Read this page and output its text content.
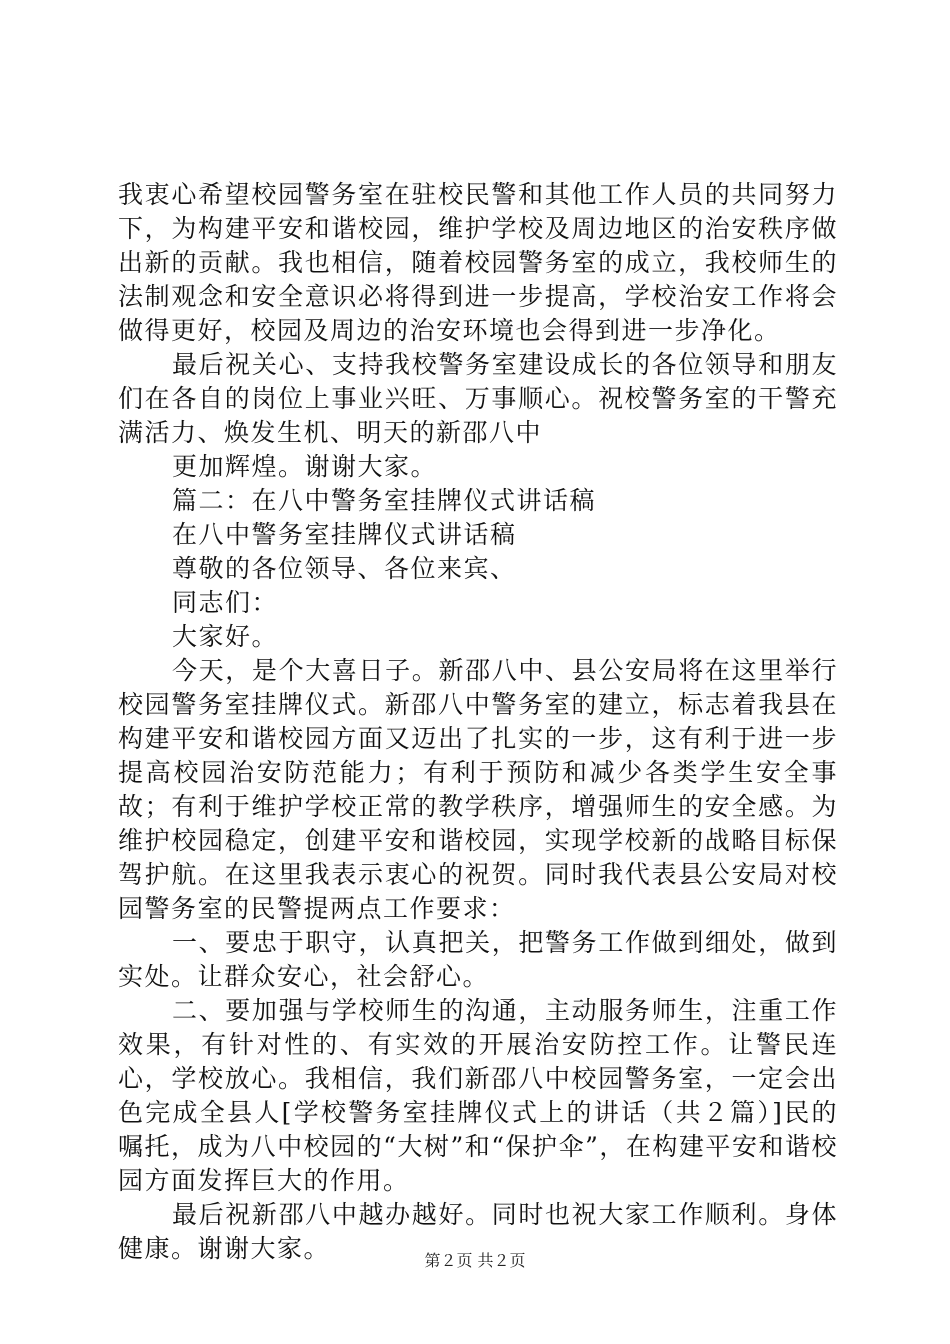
我衷心希望校园警务室在驻校民警和其他工作人员的共同努力下，为构建平安和谐校园，维护学校及周边地区的治安秩序做出新的贡献。我也相信，随着校园警务室的成立，我校师生的法制观念和安全意识必将得到进一步提高，学校治安工作将会做得更好，校园及周边的治安环境也会得到进一步净化。

最后祝关心、支持我校警务室建设成长的各位领导和朋友们在各自的岗位上事业兴旺、万事顺心。祝校警务室的干警充满活力、焕发生机、明天的新邵八中

更加辉煌。谢谢大家。

篇二：在八中警务室挂牌仪式讲话稿

在八中警务室挂牌仪式讲话稿

尊敬的各位领导、各位来宾、

同志们：

大家好。

今天，是个大喜日子。新邵八中、县公安局将在这里举行校园警务室挂牌仪式。新邵八中警务室的建立，标志着我县在构建平安和谐校园方面又迈出了扎实的一步，这有利于进一步提高校园治安防范能力；有利于预防和减少各类学生安全事故；有利于维护学校正常的教学秩序，增强师生的安全感。为维护校园稳定，创建平安和谐校园，实现学校新的战略目标保驾护航。在这里我表示衷心的祝贺。同时我代表县公安局对校园警务室的民警提两点工作要求：

一、要忠于职守，认真把关，把警务工作做到细处，做到实处。让群众安心，社会舒心。

二、要加强与学校师生的沟通，主动服务师生，注重工作效果，有针对性的、有实效的开展治安防控工作。让警民连心，学校放心。我相信，我们新邵八中校园警务室，一定会出色完成全县人[学校警务室挂牌仪式上的讲话（共２篇）]民的嘱托，成为八中校园的“大树”和“保护伞”，在构建平安和谐校园方面发挥巨大的作用。

最后祝新邵八中越办越好。同时也祝大家工作顺利。身体健康。谢谢大家。	第２页 共２页
